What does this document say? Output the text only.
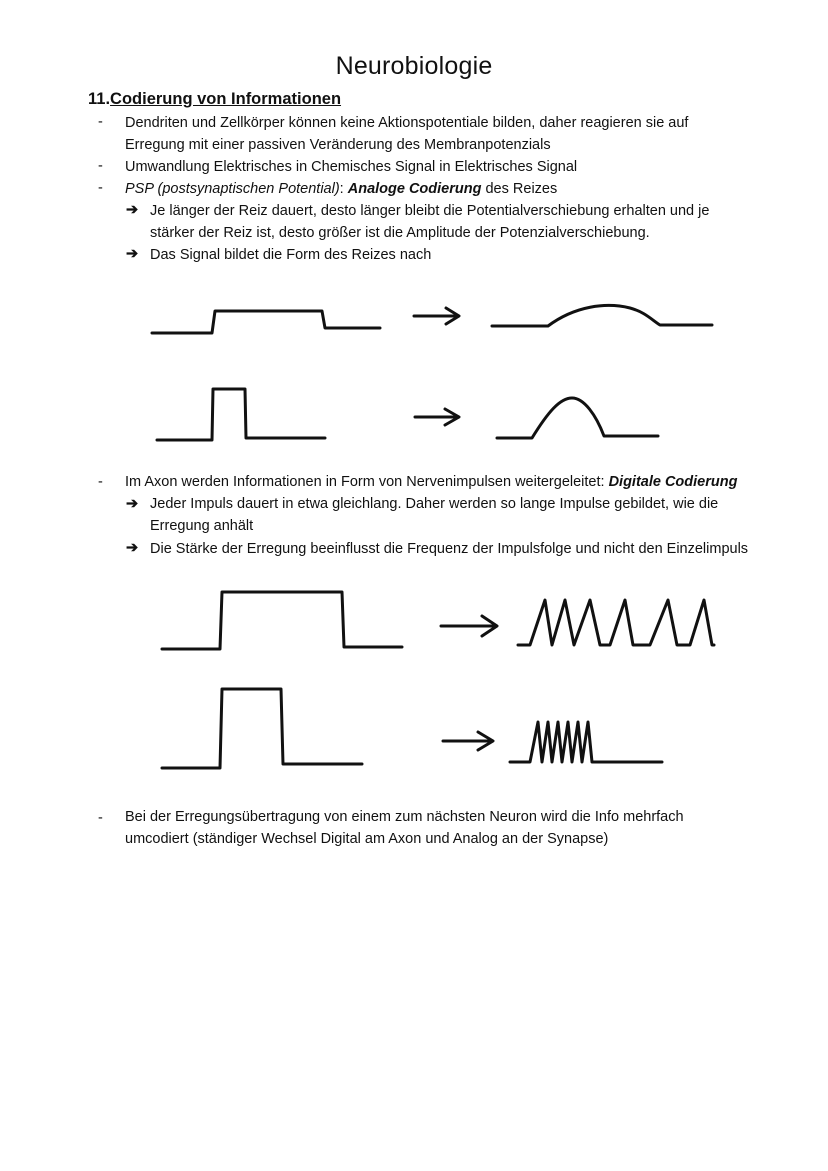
Neurobiologie
11.Codierung von Informationen
- Dendriten und Zellkörper können keine Aktionspotentiale bilden, daher reagieren sie auf
Erregung mit einer passiven Veränderung des Membranpotenzials
- Umwandlung Elektrisches in Chemisches Signal in Elektrisches Signal
- PSP (postsynaptischen Potential): Analoge Codierung des Reizes
➔ Je länger der Reiz dauert, desto länger bleibt die Potentialverschiebung erhalten und je
stärker der Reiz ist, desto größer ist die Amplitude der Potenzialverschiebung.
➔ Das Signal bildet die Form des Reizes nach
- Im Axon werden Informationen in Form von Nervenimpulsen weitergeleitet: Digitale Codierung
➔ Jeder Impuls dauert in etwa gleichlang. Daher werden so lange Impulse gebildet, wie die
Erregung anhält
➔ Die Stärke der Erregung beeinflusst die Frequenz der Impulsfolge und nicht den Einzelimpuls
- Bei der Erregungsübertragung von einem zum nächsten Neuron wird die Info mehrfach
umcodiert (ständiger Wechsel Digital am Axon und Analog an der Synapse)
